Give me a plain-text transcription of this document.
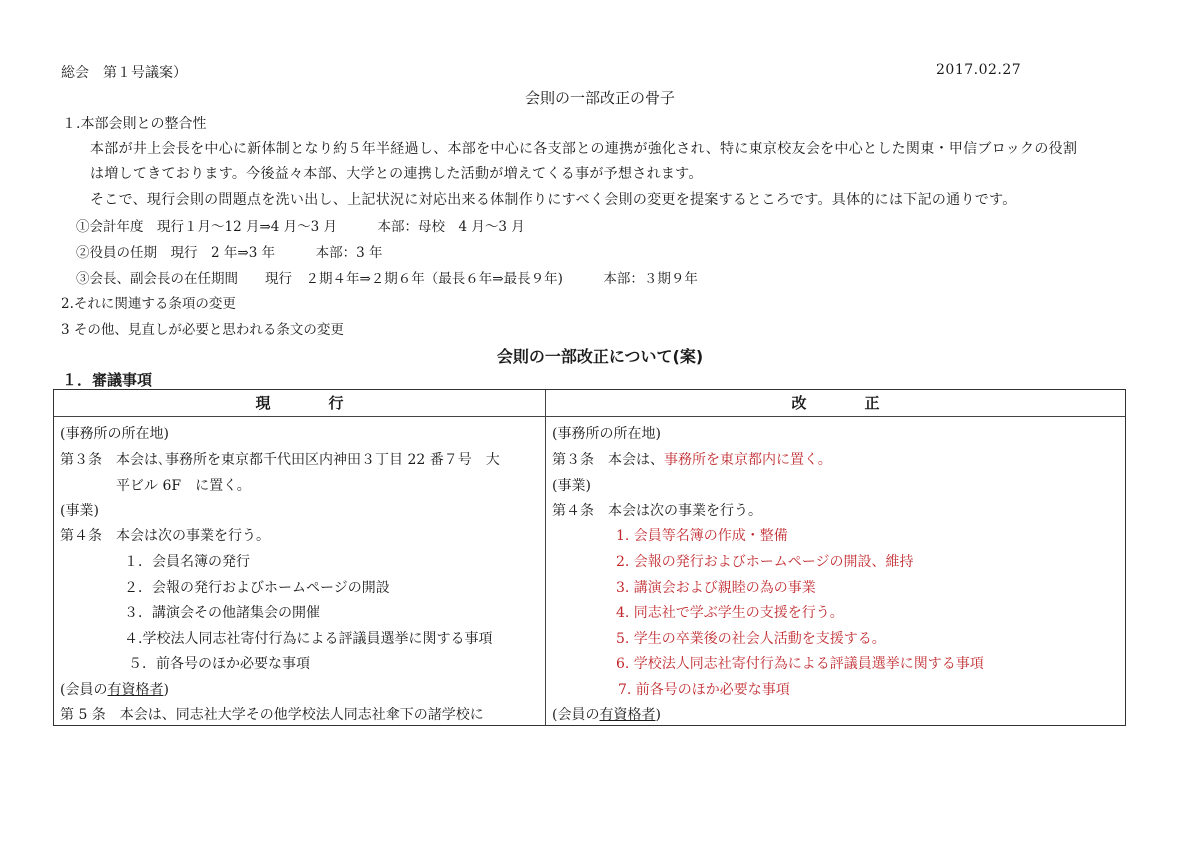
総会　第１号議案）	2017.02.27
会則の一部改正の骨子
１.本部会則との整合性
本部が井上会長を中心に新体制となり約５年半経過し、本部を中心に各支部との連携が強化され、特に東京校友会を中心とした関東・甲信ブロックの役割
は増してきております。今後益々本部、大学との連携した活動が増えてくる事が予想されます。
そこで、現行会則の問題点を洗い出し、上記状況に対応出来る体制作りにすべく会則の変更を提案するところです。具体的には下記の通りです。
①会計年度　現行１月～12 月⇒4 月～3 月　　　本部：母校　4 月～3 月
②役員の任期　現行　2 年⇒3 年　　　本部：3 年
③会長、副会長の在任期間　　現行　２期４年⇒２期６年（最長６年⇒最長９年)　　　本部：３期９年
2.それに関連する条項の変更
3 その他、見直しが必要と思われる条文の変更
会則の一部改正について(案)
１．審議事項
現行
(事務所の所在地)
第３条　本会は､事務所を東京都千代田区内神田３丁目 22 番７号　大
平ビル 6F　に置く。
(事業)
第４条　本会は次の事業を行う。
１．会員名簿の発行
２．会報の発行およびホームページの開設
３．講演会その他諸集会の開催
４.学校法人同志社寄付行為による評議員選挙に関する事項
５．前各号のほか必要な事項
(会員の有資格者)
第 5 条　本会は、同志社大学その他学校法人同志社傘下の諸学校に
改正
(事務所の所在地)
第３条　本会は、事務所を東京都内に置く。
(事業)
第４条　本会は次の事業を行う。
1. 会員等名簿の作成・整備
2. 会報の発行およびホームページの開設、維持
3. 講演会および親睦の為の事業
4. 同志社で学ぶ学生の支援を行う。
5. 学生の卒業後の社会人活動を支援する。
6. 学校法人同志社寄付行為による評議員選挙に関する事項
7. 前各号のほか必要な事項
(会員の有資格者)
